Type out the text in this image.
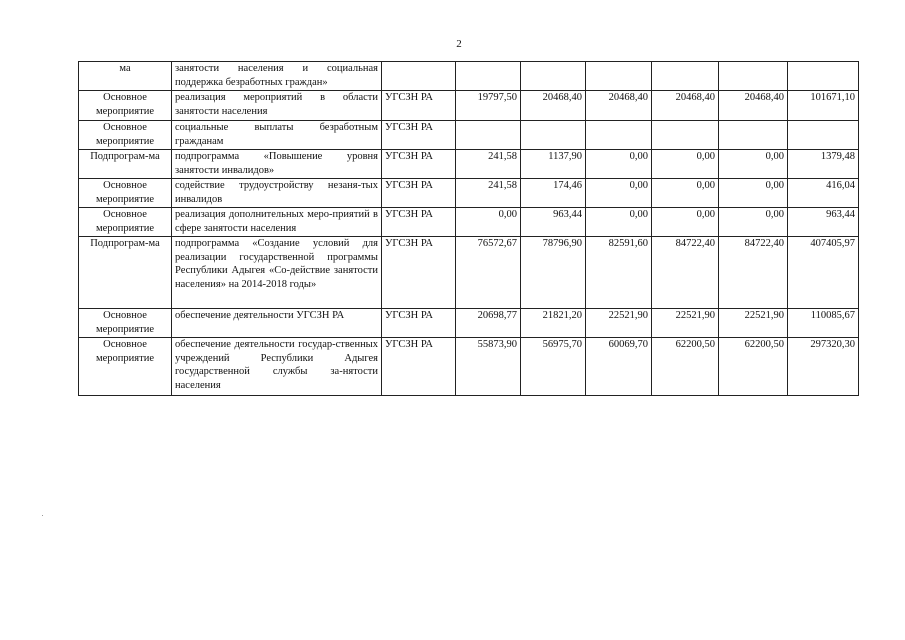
2
ма	занятости населения и социальная поддержка безработных граждан»							
Основное мероприятие	реализация мероприятий в области занятости населения	УГСЗН РА	19797,50	20468,40	20468,40	20468,40	20468,40	101671,10
Основное мероприятие	социальные выплаты безработным гражданам	УГСЗН РА						
Подпрограм-ма	подпрограмма «Повышение уровня занятости инвалидов»	УГСЗН РА	241,58	1137,90	0,00	0,00	0,00	1379,48
Основное мероприятие	содействие трудоустройству незаня-тых инвалидов	УГСЗН РА	241,58	174,46	0,00	0,00	0,00	416,04
Основное мероприятие	реализация дополнительных меро-приятий в сфере занятости населения	УГСЗН РА	0,00	963,44	0,00	0,00	0,00	963,44
Подпрограм-ма	подпрограмма «Создание условий для реализации государственной программы Республики Адыгея «Со-действие занятости населения» на 2014-2018 годы»	УГСЗН РА	76572,67	78796,90	82591,60	84722,40	84722,40	407405,97
Основное мероприятие	обеспечение деятельности УГСЗН РА	УГСЗН РА	20698,77	21821,20	22521,90	22521,90	22521,90	110085,67
Основное мероприятие	обеспечение деятельности государ-ственных учреждений Республики Адыгея государственной службы за-нятости населения	УГСЗН РА	55873,90	56975,70	60069,70	62200,50	62200,50	297320,30
